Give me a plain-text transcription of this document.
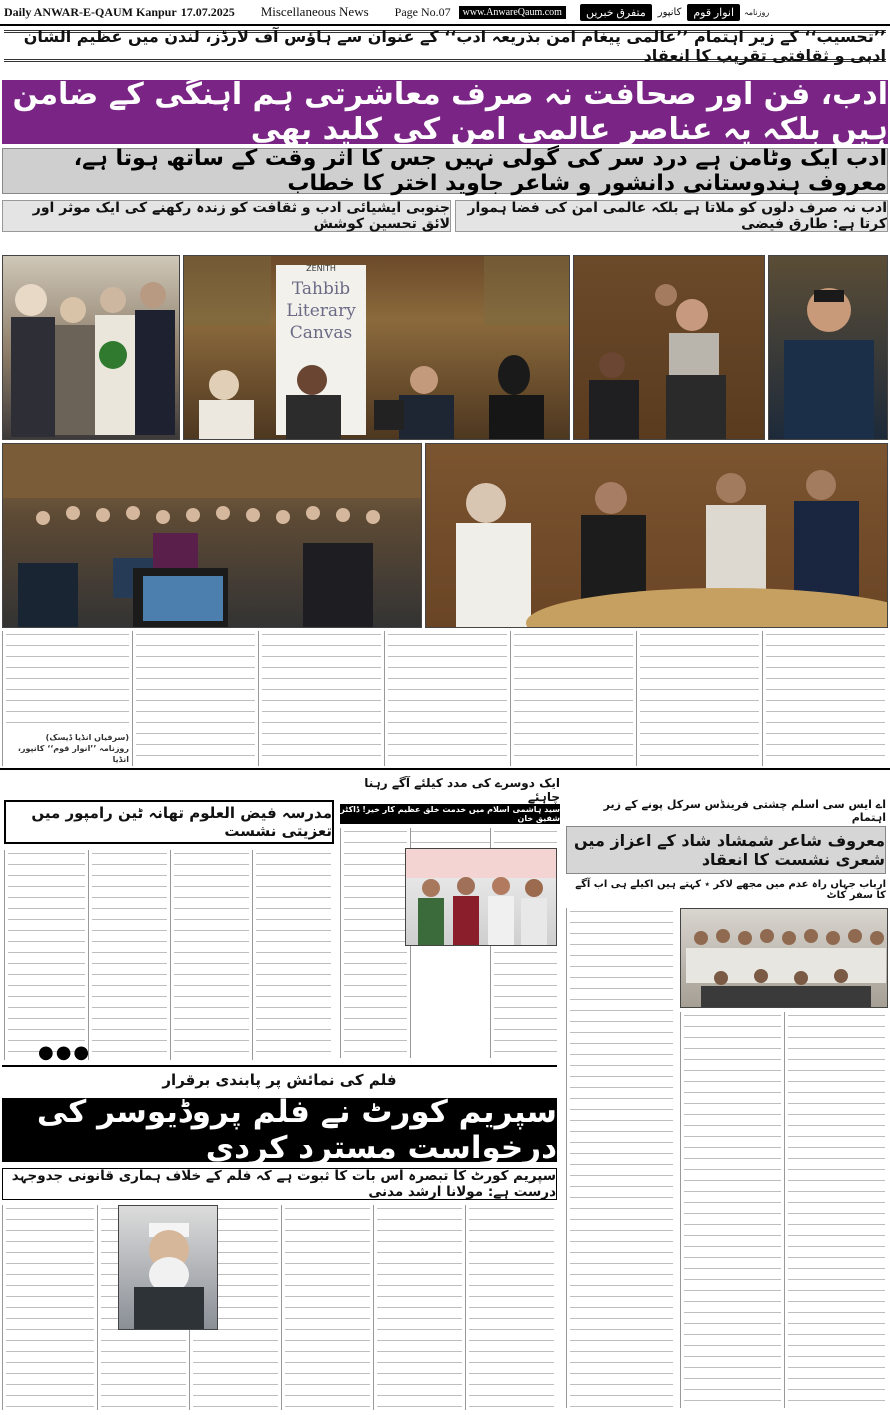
Daily ANWAR-E-QAUM Kanpur 17.07.2025 Miscellaneous News Page No.07	www.AnwareQaum.com	متفرق خبریں	کانپور	انوار قوم	روزنامہ
’’تحسیب‘‘ کے زیر اہتمام ’’عالمی پیغام امن بذریعہ ادب‘‘ کے عنوان سے ہاؤس آف لارڈز، لندن میں عظیم الشان ادبی و ثقافتی تقریب کا انعقاد
ادب، فن اور صحافت نہ صرف معاشرتی ہم آہنگی کے ضامن ہیں بلکہ یہ عناصر عالمی امن کی کلید بھی
ادب ایک وٹامن ہے درد سر کی گولی نہیں جس کا اثر وقت کے ساتھ ہوتا ہے، معروف ہندوستانی دانشور و شاعر جاوید اختر کا خطاب
ادب نہ صرف دلوں کو ملاتا ہے بلکہ عالمی امن کی فضا ہموار کرتا ہے: طارق فیضی
جنوبی ایشیائی ادب و ثقافت کو زندہ رکھنے کی ایک موثر اور لائق تحسین کوشش
Tahbib Literary Canvas
ZENITH
(سرفیاں انڈیا ڈیسک)
روزنامہ ’’انوار قوم‘‘ کانپور، انڈیا
مدرسہ فیض العلوم تھانہ ٹین رامپور میں تعزیتی نشست
●●●
ایک دوسرے کی مدد کیلئے آگے رہنا چاہئے
سید ہاشمی اسلام میں خدمت خلق عظیم کار خیر! ڈاکٹر شفیق خان
اے ایس سی اسلم چشتی فرینڈس سرکل پونے کے زیر اہتمام
معروف شاعر شمشاد شاد کے اعزاز میں شعری نشست کا انعقاد
ارباب جہاں راہ عدم میں مجھے لاکر ٭ کہتے ہیں اکیلے ہی اب آگے کا سفر کاٹ
فلم کی نمائش پر پابندی برقرار
سپریم کورٹ نے فلم پروڈیوسر کی درخواست مسترد کردی
سپریم کورٹ کا تبصرہ اس بات کا ثبوت ہے کہ فلم کے خلاف ہماری قانونی جدوجہد درست ہے: مولانا ارشد مدنی
